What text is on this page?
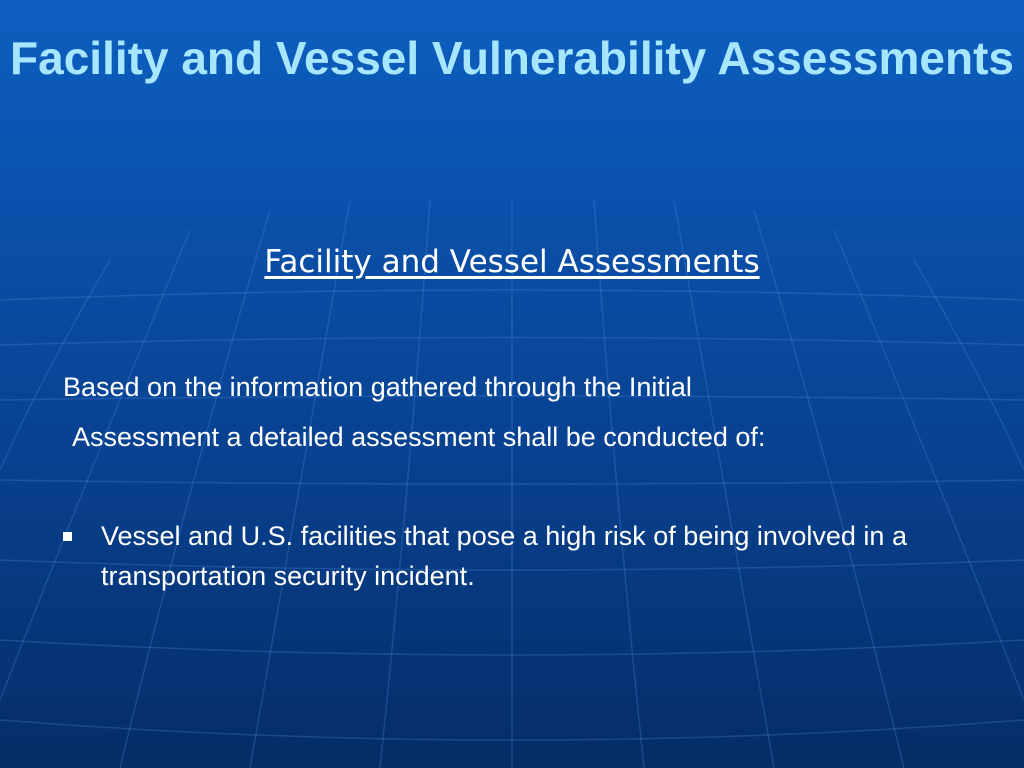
Facility and Vessel Vulnerability Assessments

Facility and Vessel Assessments

Based on the information gathered through the Initial

Assessment a detailed assessment shall be conducted of:

Vessel and U.S. facilities that pose a high risk of being involved in a transportation security incident.
